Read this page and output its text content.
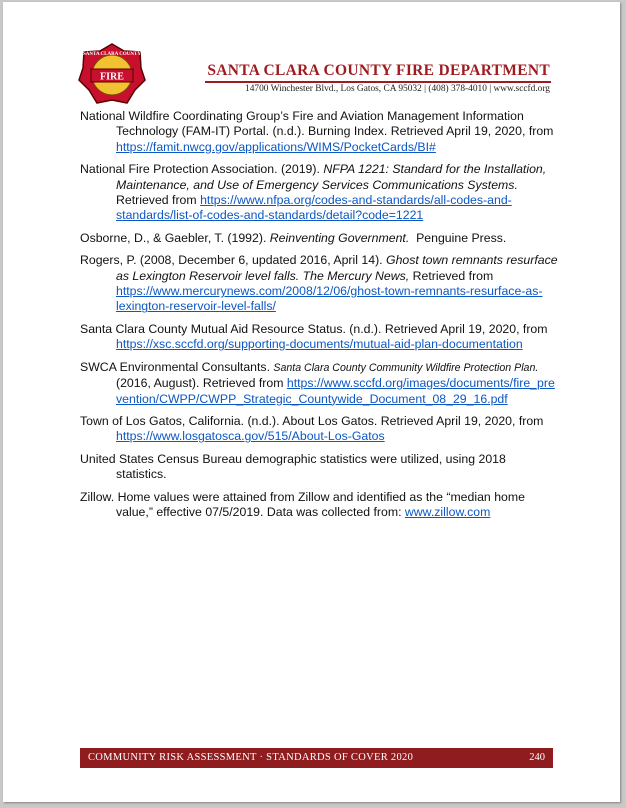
FIRE
SANTA CLARA COUNTY
SANTA CLARA COUNTY FIRE DEPARTMENT
14700 Winchester Blvd., Los Gatos, CA 95032 | (408) 378-4010 | www.sccfd.org

National Wildfire Coordinating Group’s Fire and Aviation Management Information Technology (FAM-IT) Portal. (n.d.). Burning Index. Retrieved April 19, 2020, from https://famit.nwcg.gov/applications/WIMS/PocketCards/BI#

National Fire Protection Association. (2019). NFPA 1221: Standard for the Installation, Maintenance, and Use of Emergency Services Communications Systems. Retrieved from https://www.nfpa.org/codes-and-standards/all-codes-and-standards/list-of-codes-and-standards/detail?code=1221

Osborne, D., & Gaebler, T. (1992). Reinventing Government.  Penguine Press.

Rogers, P. (2008, December 6, updated 2016, April 14). Ghost town remnants resurface as Lexington Reservoir level falls. The Mercury News, Retrieved from https://www.mercurynews.com/2008/12/06/ghost-town-remnants-resurface-as-lexington-reservoir-level-falls/

Santa Clara County Mutual Aid Resource Status. (n.d.). Retrieved April 19, 2020, from https://xsc.sccfd.org/supporting-documents/mutual-aid-plan-documentation

SWCA Environmental Consultants. Santa Clara County Community Wildfire Protection Plan. (2016, August). Retrieved from https://www.sccfd.org/images/documents/fire_prevention/CWPP/CWPP_Strategic_Countywide_Document_08_29_16.pdf

Town of Los Gatos, California. (n.d.). About Los Gatos. Retrieved April 19, 2020, from https://www.losgatosca.gov/515/About-Los-Gatos

United States Census Bureau demographic statistics were utilized, using 2018 statistics.

Zillow. Home values were attained from Zillow and identified as the “median home value,” effective 07/5/2019. Data was collected from: www.zillow.com

COMMUNITY RISK ASSESSMENT · STANDARDS OF COVER 2020	240
